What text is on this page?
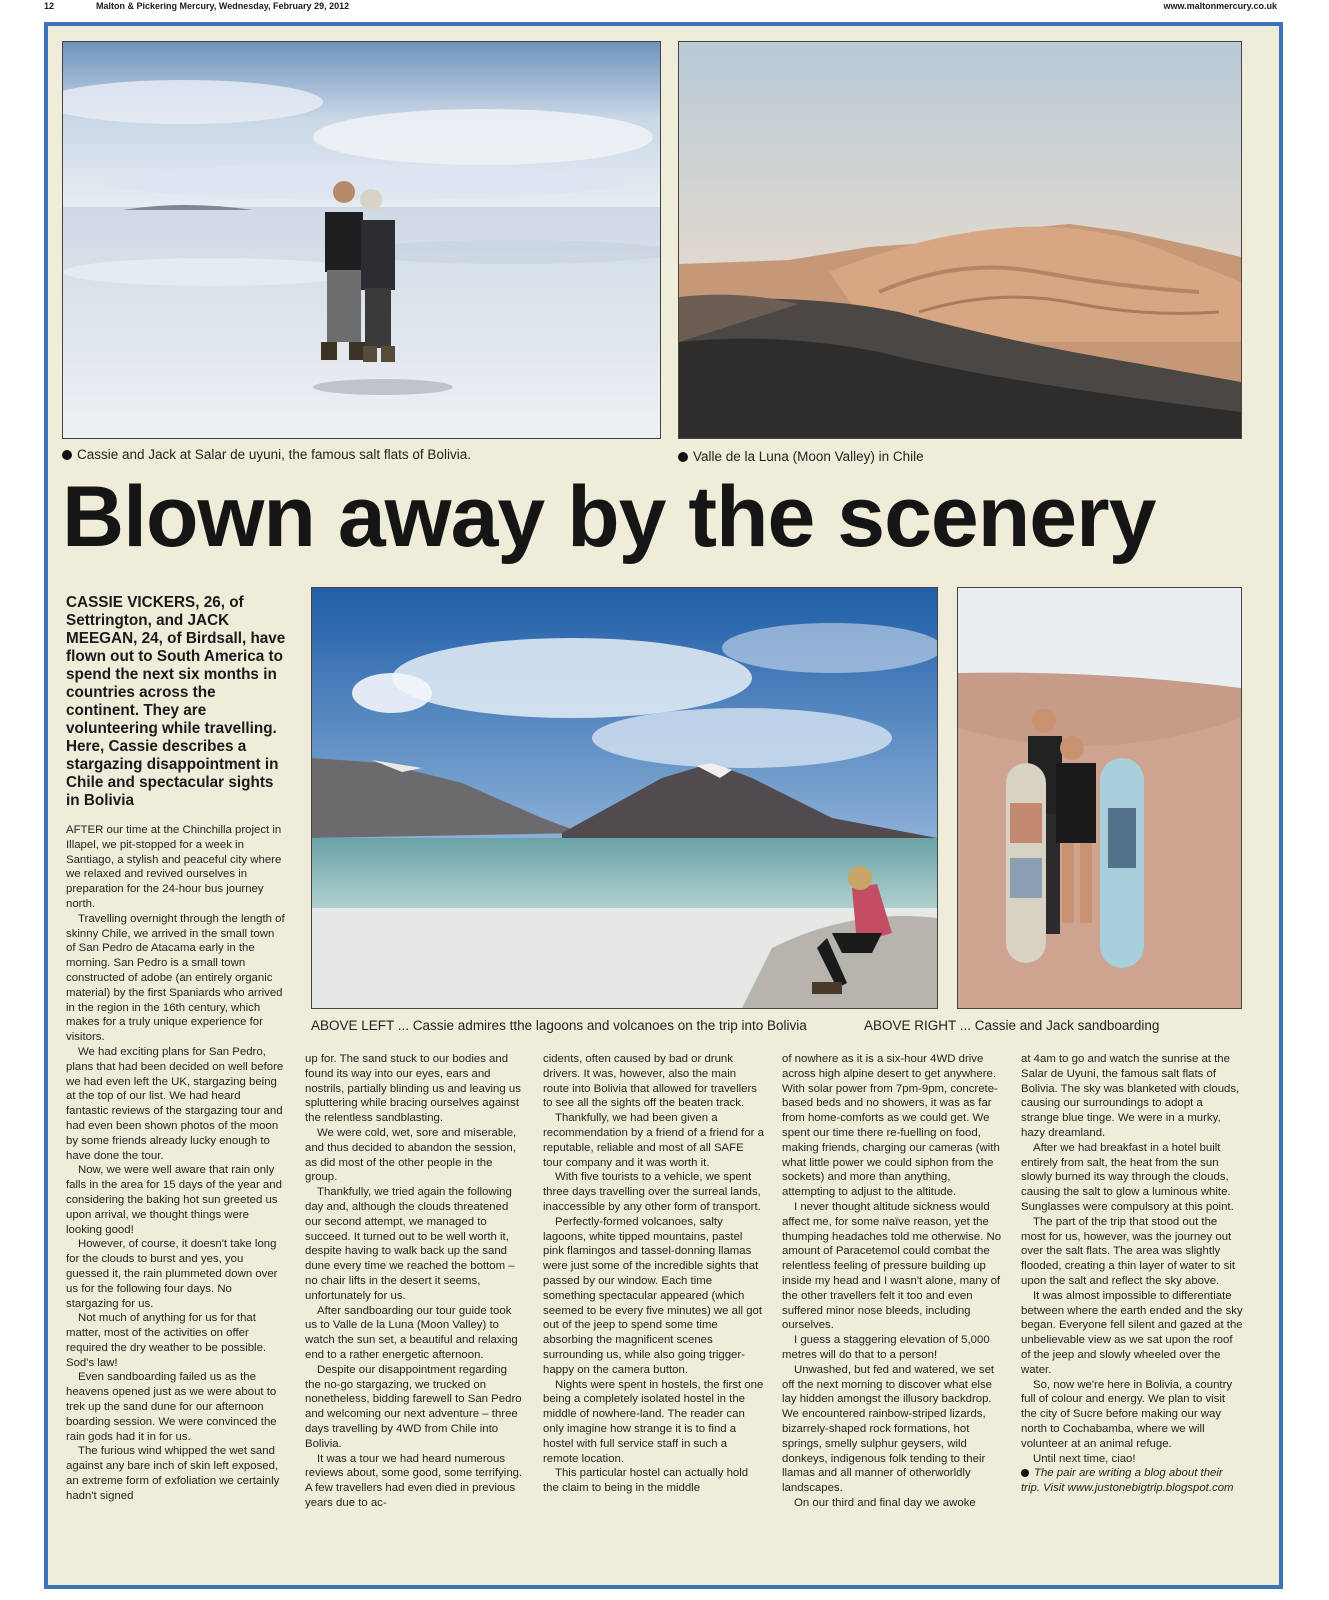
12	Malton & Pickering Mercury, Wednesday, February 29, 2012	www.maltonmercury.co.uk
Cassie and Jack at Salar de uyuni, the famous salt flats of Bolivia.	Valle de la Luna (Moon Valley) in Chile
Blown away by the scenery
CASSIE VICKERS, 26, of Settrington, and JACK MEEGAN, 24, of Birdsall, have flown out to South America to spend the next six months in countries across the continent. They are volunteering while travelling. Here, Cassie describes a stargazing disappointment in Chile and spectacular sights in Bolivia
ABOVE LEFT ... Cassie admires tthe lagoons and volcanoes on the trip into Bolivia	ABOVE RIGHT ... Cassie and Jack sandboarding

AFTER our time at the Chinchilla project in Illapel, we pit-stopped for a week in Santiago, a stylish and peaceful city where we relaxed and revived ourselves in preparation for the 24-hour bus journey north.

Travelling overnight through the length of skinny Chile, we arrived in the small town of San Pedro de Atacama early in the morning. San Pedro is a small town constructed of adobe (an entirely organic material) by the first Spaniards who arrived in the region in the 16th century, which makes for a truly unique experience for visitors.

We had exciting plans for San Pedro, plans that had been decided on well before we had even left the UK, stargazing being at the top of our list. We had heard fantastic reviews of the stargazing tour and had even been shown photos of the moon by some friends already lucky enough to have done the tour.

Now, we were well aware that rain only falls in the area for 15 days of the year and considering the baking hot sun greeted us upon arrival, we thought things were looking good!

However, of course, it doesn't take long for the clouds to burst and yes, you guessed it, the rain plummeted down over us for the following four days. No stargazing for us.

Not much of anything for us for that matter, most of the activities on offer required the dry weather to be possible. Sod's law!

Even sandboarding failed us as the heavens opened just as we were about to trek up the sand dune for our afternoon boarding session. We were convinced the rain gods had it in for us.

The furious wind whipped the wet sand against any bare inch of skin left exposed, an extreme form of exfoliation we certainly hadn't signed

up for. The sand stuck to our bodies and found its way into our eyes, ears and nostrils, partially blinding us and leaving us spluttering while bracing ourselves against the relentless sandblasting.

We were cold, wet, sore and miserable, and thus decided to abandon the session, as did most of the other people in the group.

Thankfully, we tried again the following day and, although the clouds threatened our second attempt, we managed to succeed. It turned out to be well worth it, despite having to walk back up the sand dune every time we reached the bottom – no chair lifts in the desert it seems, unfortunately for us.

After sandboarding our tour guide took us to Valle de la Luna (Moon Valley) to watch the sun set, a beautiful and relaxing end to a rather energetic afternoon.

Despite our disappointment regarding the no-go stargazing, we trucked on nonetheless, bidding farewell to San Pedro and welcoming our next adventure – three days travelling by 4WD from Chile into Bolivia.

It was a tour we had heard numerous reviews about, some good, some terrifying. A few travellers had even died in previous years due to ac-

cidents, often caused by bad or drunk drivers. It was, however, also the main route into Bolivia that allowed for travellers to see all the sights off the beaten track.

Thankfully, we had been given a recommendation by a friend of a friend for a reputable, reliable and most of all SAFE tour company and it was worth it.

With five tourists to a vehicle, we spent three days travelling over the surreal lands, inaccessible by any other form of transport.

Perfectly-formed volcanoes, salty lagoons, white tipped mountains, pastel pink flamingos and tassel-donning llamas were just some of the incredible sights that passed by our window. Each time something spectacular appeared (which seemed to be every five minutes) we all got out of the jeep to spend some time absorbing the magnificent scenes surrounding us, while also going trigger-happy on the camera button.

Nights were spent in hostels, the first one being a completely isolated hostel in the middle of nowhere-land. The reader can only imagine how strange it is to find a hostel with full service staff in such a remote location.

This particular hostel can actually hold the claim to being in the middle

of nowhere as it is a six-hour 4WD drive across high alpine desert to get anywhere. With solar power from 7pm-9pm, concrete-based beds and no showers, it was as far from home-comforts as we could get. We spent our time there re-fuelling on food, making friends, charging our cameras (with what little power we could siphon from the sockets) and more than anything, attempting to adjust to the altitude.

I never thought altitude sickness would affect me, for some naïve reason, yet the thumping headaches told me otherwise. No amount of Paracetemol could combat the relentless feeling of pressure building up inside my head and I wasn't alone, many of the other travellers felt it too and even suffered minor nose bleeds, including ourselves.

I guess a staggering elevation of 5,000 metres will do that to a person!

Unwashed, but fed and watered, we set off the next morning to discover what else lay hidden amongst the illusory backdrop. We encountered rainbow-striped lizards, bizarrely-shaped rock formations, hot springs, smelly sulphur geysers, wild donkeys, indigenous folk tending to their llamas and all manner of otherworldly landscapes.

On our third and final day we awoke

at 4am to go and watch the sunrise at the Salar de Uyuni, the famous salt flats of Bolivia. The sky was blanketed with clouds, causing our surroundings to adopt a strange blue tinge. We were in a murky, hazy dreamland.

After we had breakfast in a hotel built entirely from salt, the heat from the sun slowly burned its way through the clouds, causing the salt to glow a luminous white. Sunglasses were compulsory at this point.

The part of the trip that stood out the most for us, however, was the journey out over the salt flats. The area was slightly flooded, creating a thin layer of water to sit upon the salt and reflect the sky above.

It was almost impossible to differentiate between where the earth ended and the sky began. Everyone fell silent and gazed at the unbelievable view as we sat upon the roof of the jeep and slowly wheeled over the water.

So, now we're here in Bolivia, a country full of colour and energy. We plan to visit the city of Sucre before making our way north to Cochabamba, where we will volunteer at an animal refuge.

Until next time, ciao!

The pair are writing a blog about their trip. Visit www.justonebigtrip.blogspot.com
